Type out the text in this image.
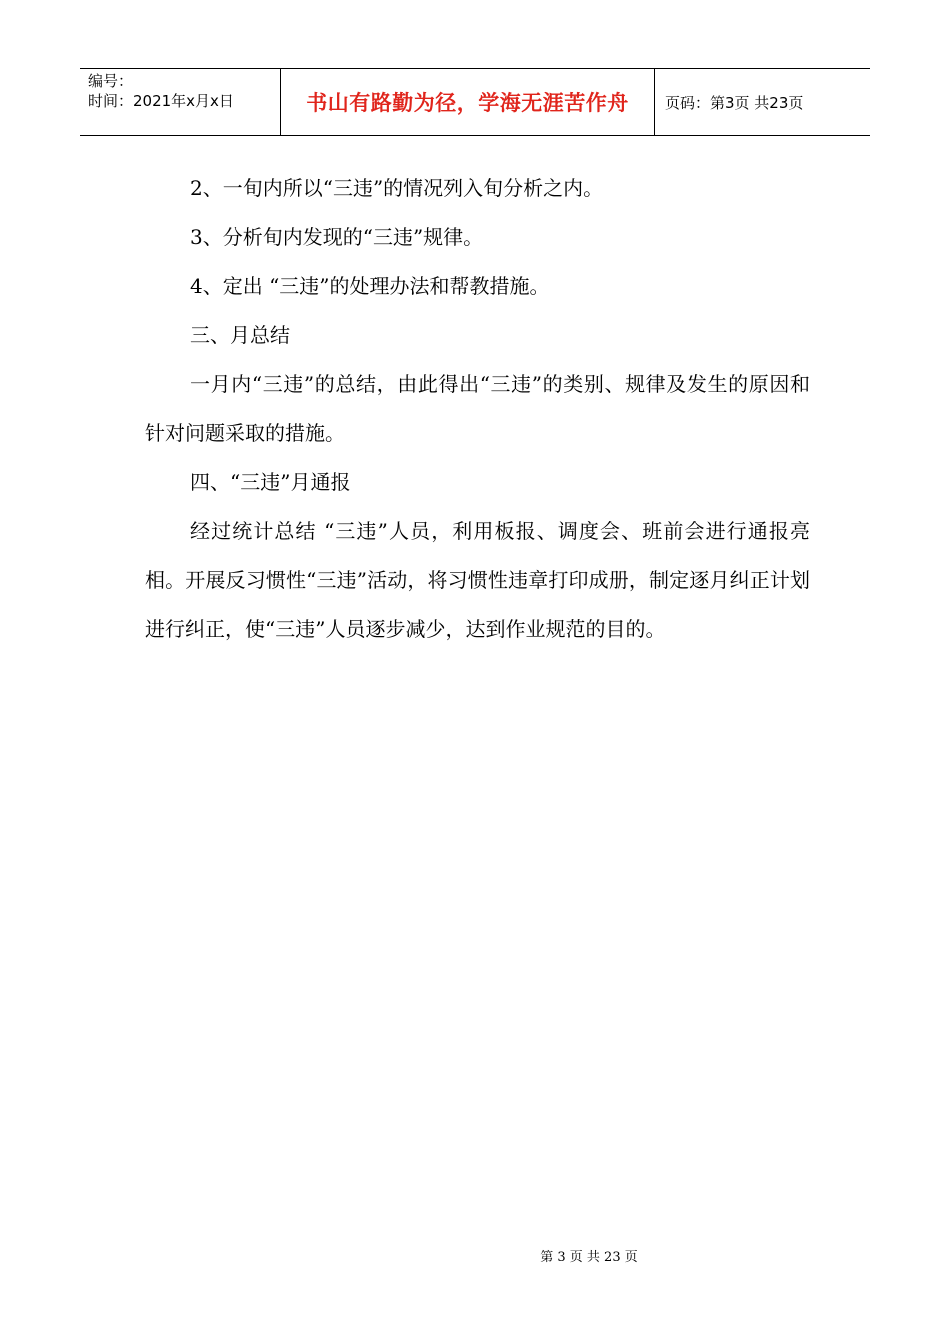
编号：
时间：2021年x月x日	书山有路勤为径，学海无涯苦作舟	页码：第3页 共23页

2、一旬内所以“三违”的情况列入旬分析之内。

3、分析旬内发现的“三违”规律。

4、定出 “三违”的处理办法和帮教措施。

三、月总结

一月内“三违”的总结，由此得出“三违”的类别、规律及发生的原因和针对问题采取的措施。

四、“三违”月通报

经过统计总结 “三违”人员，利用板报、调度会、班前会进行通报亮相。开展反习惯性“三违”活动，将习惯性违章打印成册，制定逐月纠正计划进行纠正，使“三违”人员逐步减少，达到作业规范的目的。

第 3 页 共 23 页
